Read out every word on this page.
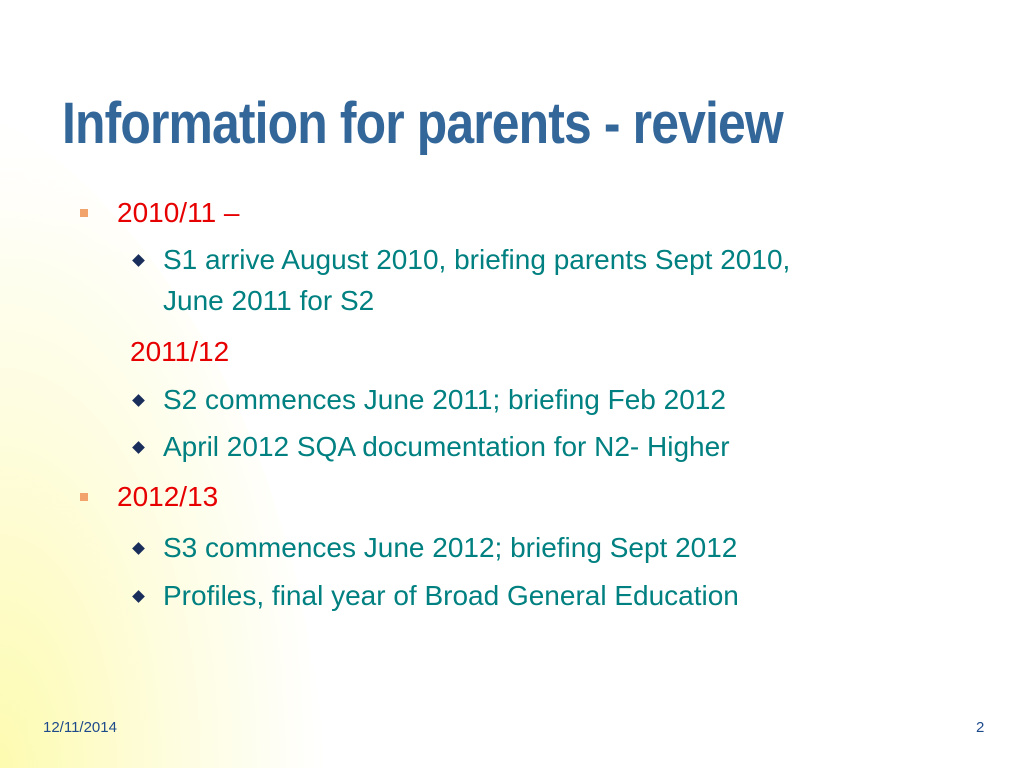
Information for parents - review
2010/11 –
S1 arrive August 2010, briefing parents Sept 2010,
June 2011 for S2
2011/12
S2 commences June 2011; briefing Feb 2012
April 2012 SQA documentation for N2- Higher
2012/13
S3 commences June 2012; briefing Sept 2012
Profiles, final year of Broad General Education
12/11/2014	2
